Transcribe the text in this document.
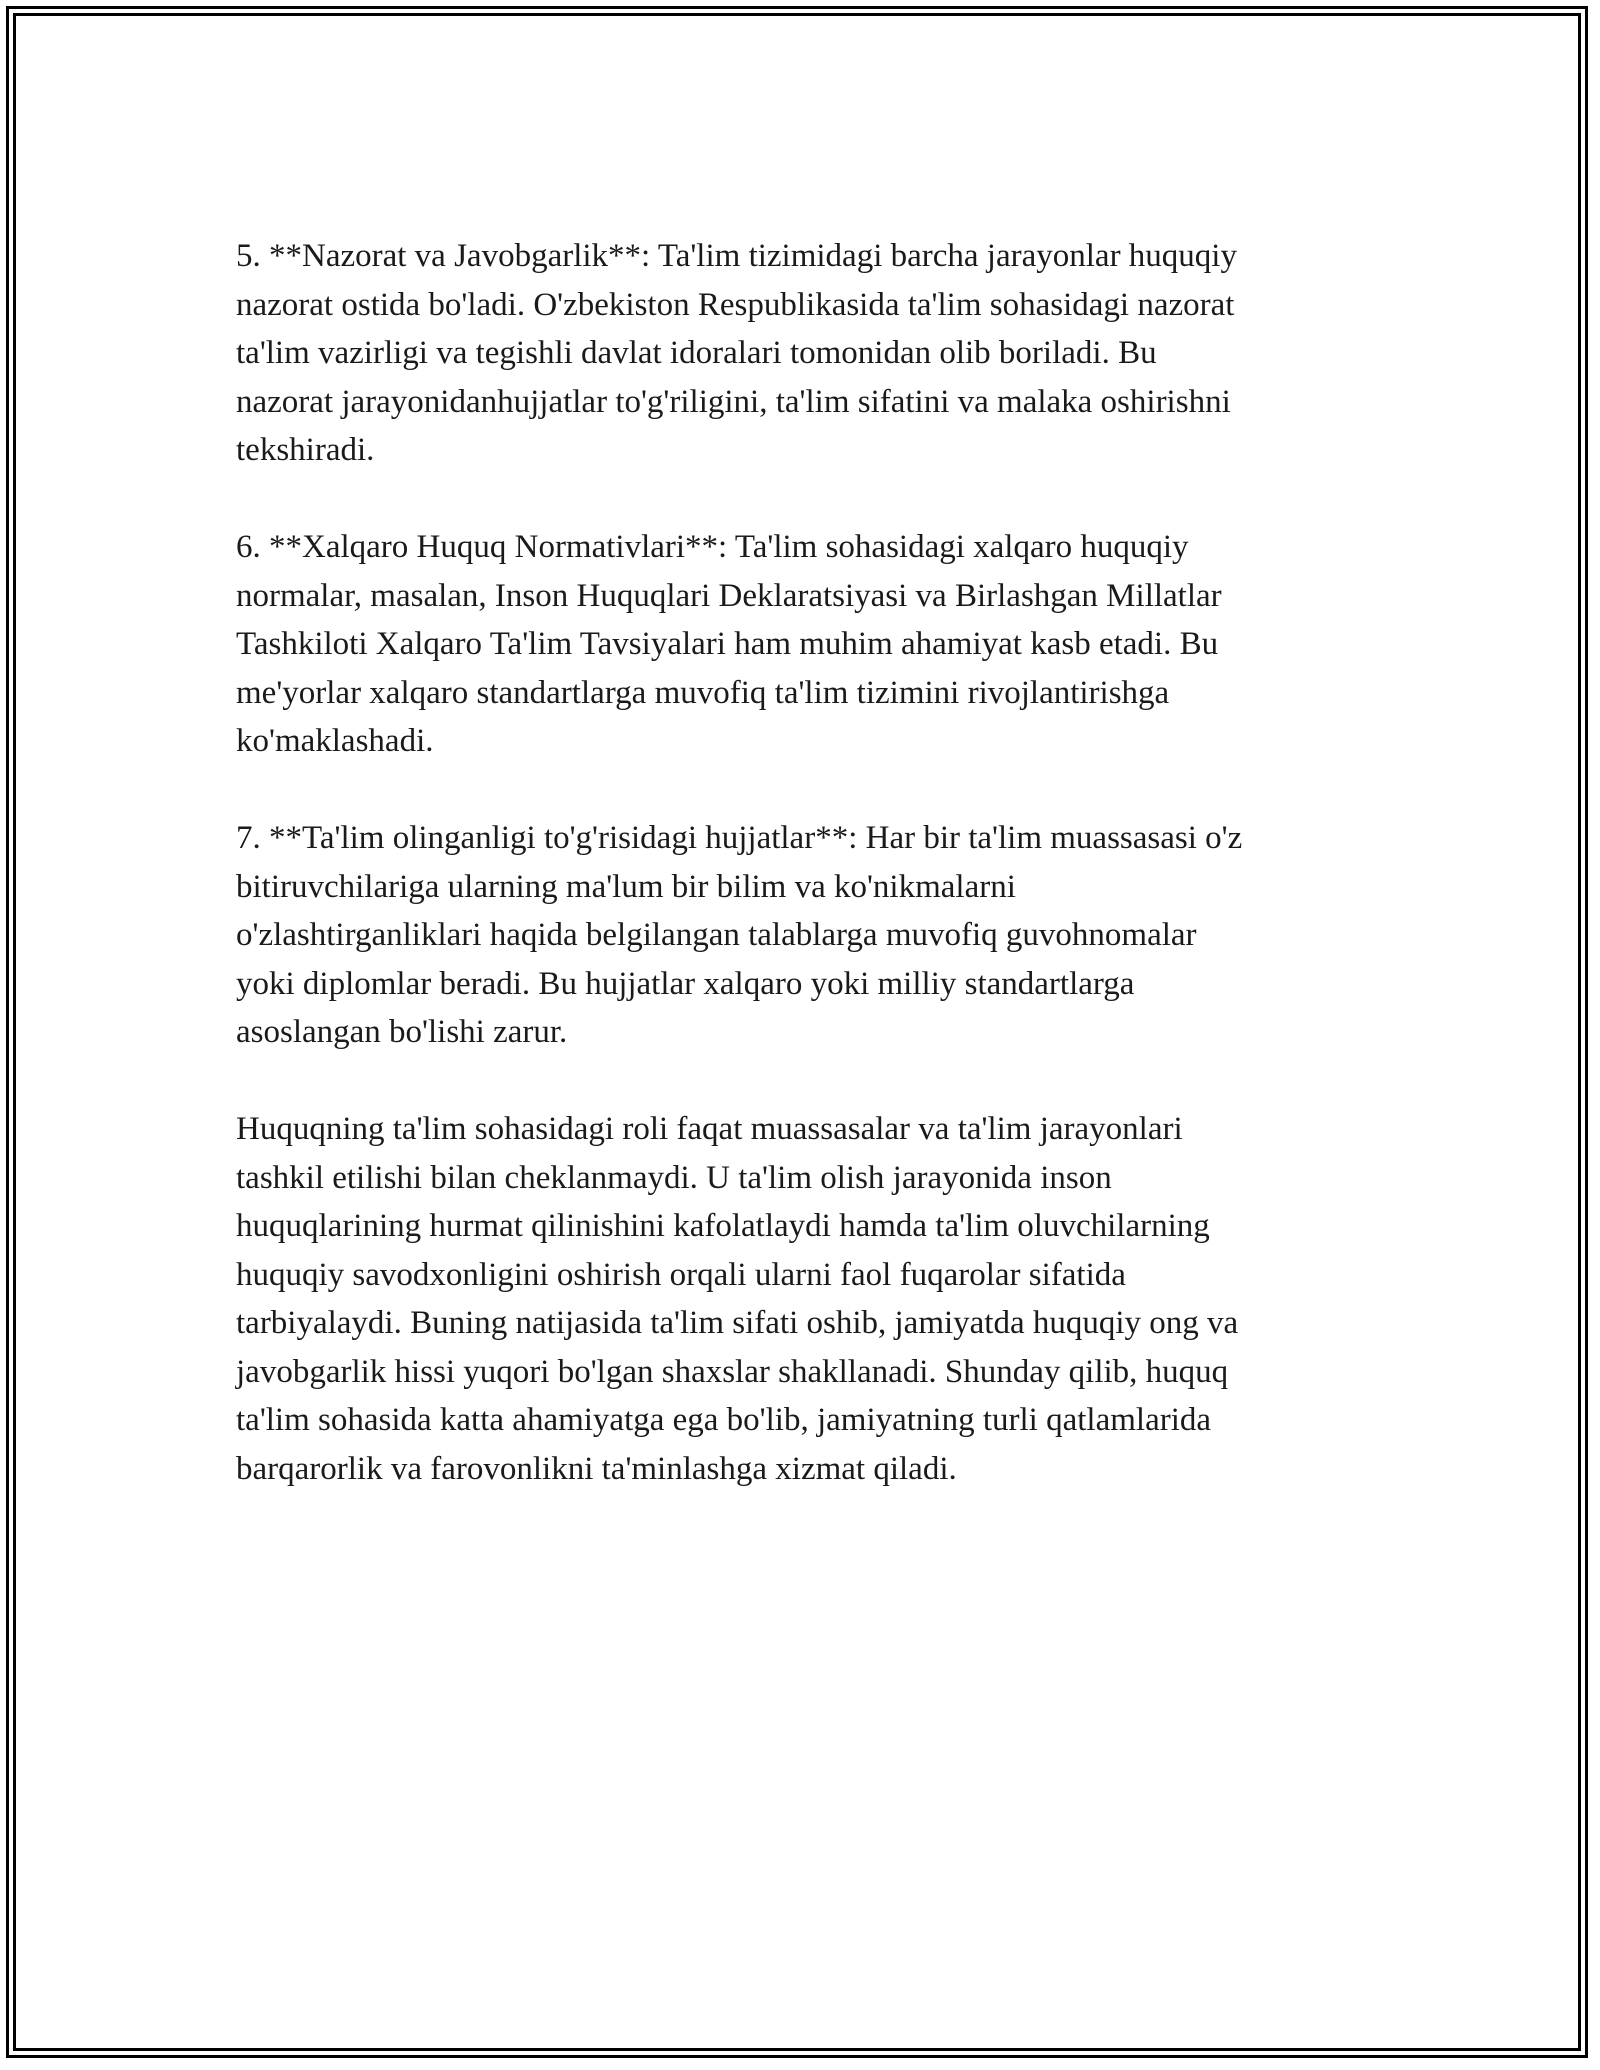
5. **Nazorat va Javobgarlik**: Ta'lim tizimidagi barcha jarayonlar huquqiy
nazorat ostida bo'ladi. O'zbekiston Respublikasida ta'lim sohasidagi nazorat
ta'lim vazirligi va tegishli davlat idoralari tomonidan olib boriladi. Bu
nazorat jarayonidanhujjatlar to'g'riligini, ta'lim sifatini va malaka oshirishni
tekshiradi.

6. **Xalqaro Huquq Normativlari**: Ta'lim sohasidagi xalqaro huquqiy
normalar, masalan, Inson Huquqlari Deklaratsiyasi va Birlashgan Millatlar
Tashkiloti Xalqaro Ta'lim Tavsiyalari ham muhim ahamiyat kasb etadi. Bu
me'yorlar xalqaro standartlarga muvofiq ta'lim tizimini rivojlantirishga
ko'maklashadi.

7. **Ta'lim olinganligi to'g'risidagi hujjatlar**: Har bir ta'lim muassasasi o'z
bitiruvchilariga ularning ma'lum bir bilim va ko'nikmalarni
o'zlashtirganliklari haqida belgilangan talablarga muvofiq guvohnomalar
yoki diplomlar beradi. Bu hujjatlar xalqaro yoki milliy standartlarga
asoslangan bo'lishi zarur.

Huquqning ta'lim sohasidagi roli faqat muassasalar va ta'lim jarayonlari
tashkil etilishi bilan cheklanmaydi. U ta'lim olish jarayonida inson
huquqlarining hurmat qilinishini kafolatlaydi hamda ta'lim oluvchilarning
huquqiy savodxonligini oshirish orqali ularni faol fuqarolar sifatida
tarbiyalaydi. Buning natijasida ta'lim sifati oshib, jamiyatda huquqiy ong va
javobgarlik hissi yuqori bo'lgan shaxslar shakllanadi. Shunday qilib, huquq
ta'lim sohasida katta ahamiyatga ega bo'lib, jamiyatning turli qatlamlarida
barqarorlik va farovonlikni ta'minlashga xizmat qiladi.
